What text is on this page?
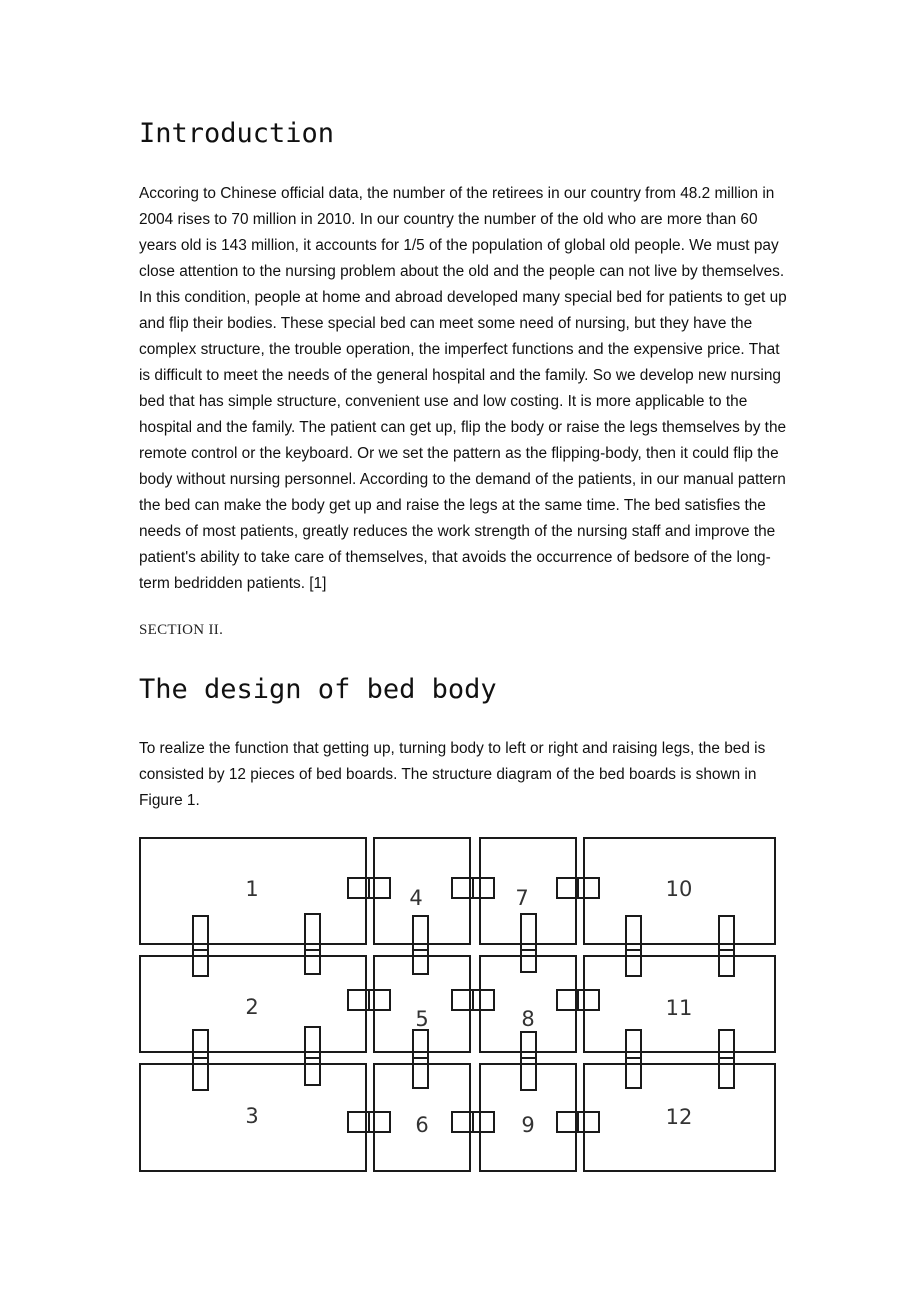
Introduction

Accoring to Chinese official data, the number of the retirees in our country from 48.2 million in 2004 rises to 70 million in 2010. In our country the number of the old who are more than 60 years old is 143 million, it accounts for 1/5 of the population of global old people. We must pay close attention to the nursing problem about the old and the people can not live by themselves. In this condition, people at home and abroad developed many special bed for patients to get up and flip their bodies. These special bed can meet some need of nursing, but they have the complex structure, the trouble operation, the imperfect functions and the expensive price. That is difficult to meet the needs of the general hospital and the family. So we develop new nursing bed that has simple structure, convenient use and low costing. It is more applicable to the hospital and the family. The patient can get up, flip the body or raise the legs themselves by the remote control or the keyboard. Or we set the pattern as the flipping-body, then it could flip the body without nursing personnel. According to the demand of the patients, in our manual pattern the bed can make the body get up and raise the legs at the same time. The bed satisfies the needs of most patients, greatly reduces the work strength of the nursing staff and improve the patient's ability to take care of themselves, that avoids the occurrence of bedsore of the long-term bedridden patients. [1]

SECTION II.

The design of bed body

To realize the function that getting up, turning body to left or right and raising legs, the bed is consisted by 12 pieces of bed boards. The structure diagram of the bed boards is shown in Figure 1.

1
2
3
4
5
6
7
8
9
10
11
12
